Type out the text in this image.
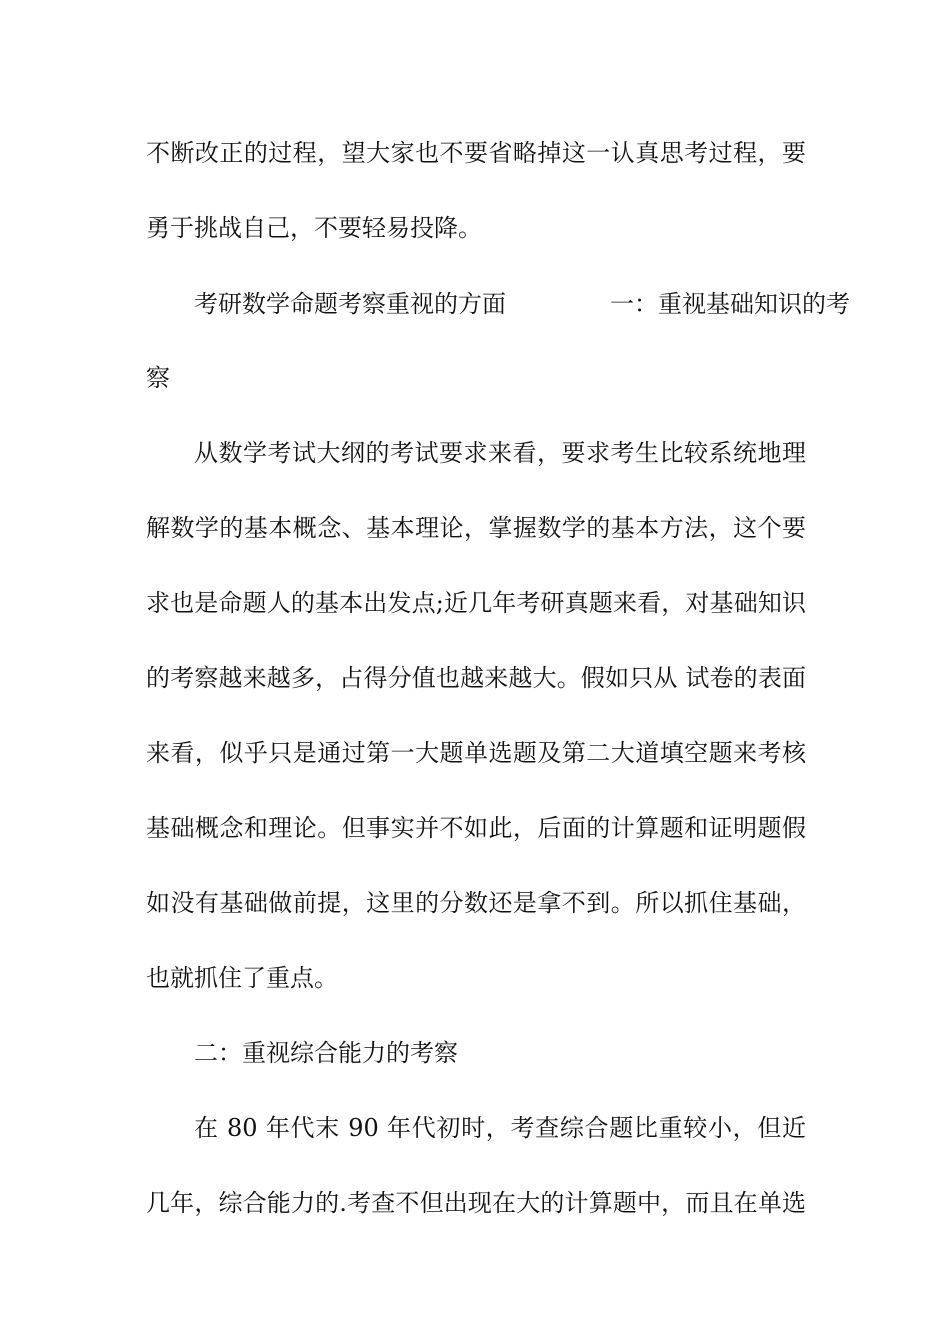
不断改正的过程，望大家也不要省略掉这一认真思考过程，要
勇于挑战自己，不要轻易投降。
考研数学命题考察重视的方面	一：重视基础知识的考
察
从数学考试大纲的考试要求来看，要求考生比较系统地理
解数学的基本概念、基本理论，掌握数学的基本方法，这个要
求也是命题人的基本出发点;近几年考研真题来看，对基础知识
的考察越来越多，占得分值也越来越大。假如只从 试卷的表面
来看，似乎只是通过第一大题单选题及第二大道填空题来考核
基础概念和理论。但事实并不如此，后面的计算题和证明题假
如没有基础做前提，这里的分数还是拿不到。所以抓住基础，
也就抓住了重点。
二：重视综合能力的考察
在 80 年代末 90 年代初时，考查综合题比重较小，但近
几年，综合能力的.考查不但出现在大的计算题中，而且在单选
